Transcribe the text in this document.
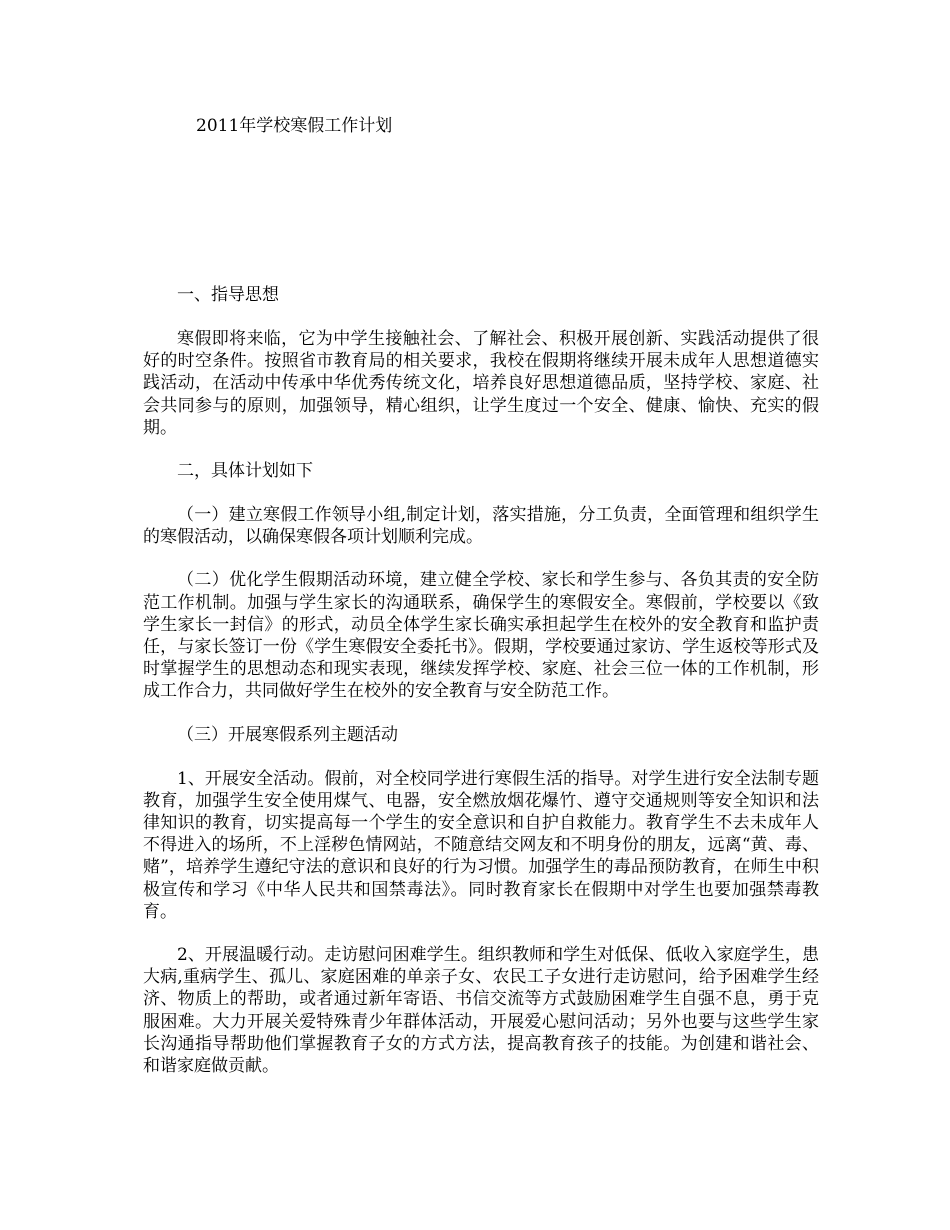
2011年学校寒假工作计划

一、指导思想

寒假即将来临，它为中学生接触社会、了解社会、积极开展创新、实践活动提供了很好的时空条件。按照省市教育局的相关要求，我校在假期将继续开展未成年人思想道德实践活动，在活动中传承中华优秀传统文化，培养良好思想道德品质，坚持学校、家庭、社会共同参与的原则，加强领导，精心组织，让学生度过一个安全、健康、愉快、充实的假期。

二，具体计划如下

（一）建立寒假工作领导小组,制定计划，落实措施，分工负责，全面管理和组织学生的寒假活动，以确保寒假各项计划顺利完成。

（二）优化学生假期活动环境，建立健全学校、家长和学生参与、各负其责的安全防范工作机制。加强与学生家长的沟通联系，确保学生的寒假安全。寒假前，学校要以《致学生家长一封信》的形式，动员全体学生家长确实承担起学生在校外的安全教育和监护责任，与家长签订一份《学生寒假安全委托书》。假期，学校要通过家访、学生返校等形式及时掌握学生的思想动态和现实表现，继续发挥学校、家庭、社会三位一体的工作机制，形成工作合力，共同做好学生在校外的安全教育与安全防范工作。

（三）开展寒假系列主题活动

1、开展安全活动。假前，对全校同学进行寒假生活的指导。对学生进行安全法制专题教育，加强学生安全使用煤气、电器，安全燃放烟花爆竹、遵守交通规则等安全知识和法律知识的教育，切实提高每一个学生的安全意识和自护自救能力。教育学生不去未成年人不得进入的场所，不上淫秽色情网站，不随意结交网友和不明身份的朋友，远离“黄、毒、赌”，培养学生遵纪守法的意识和良好的行为习惯。加强学生的毒品预防教育，在师生中积极宣传和学习《中华人民共和国禁毒法》。同时教育家长在假期中对学生也要加强禁毒教育。

2、开展温暖行动。走访慰问困难学生。组织教师和学生对低保、低收入家庭学生，患大病,重病学生、孤儿、家庭困难的单亲子女、农民工子女进行走访慰问，给予困难学生经济、物质上的帮助，或者通过新年寄语、书信交流等方式鼓励困难学生自强不息，勇于克服困难。大力开展关爱特殊青少年群体活动，开展爱心慰问活动；另外也要与这些学生家长沟通指导帮助他们掌握教育子女的方式方法，提高教育孩子的技能。为创建和谐社会、和谐家庭做贡献。
